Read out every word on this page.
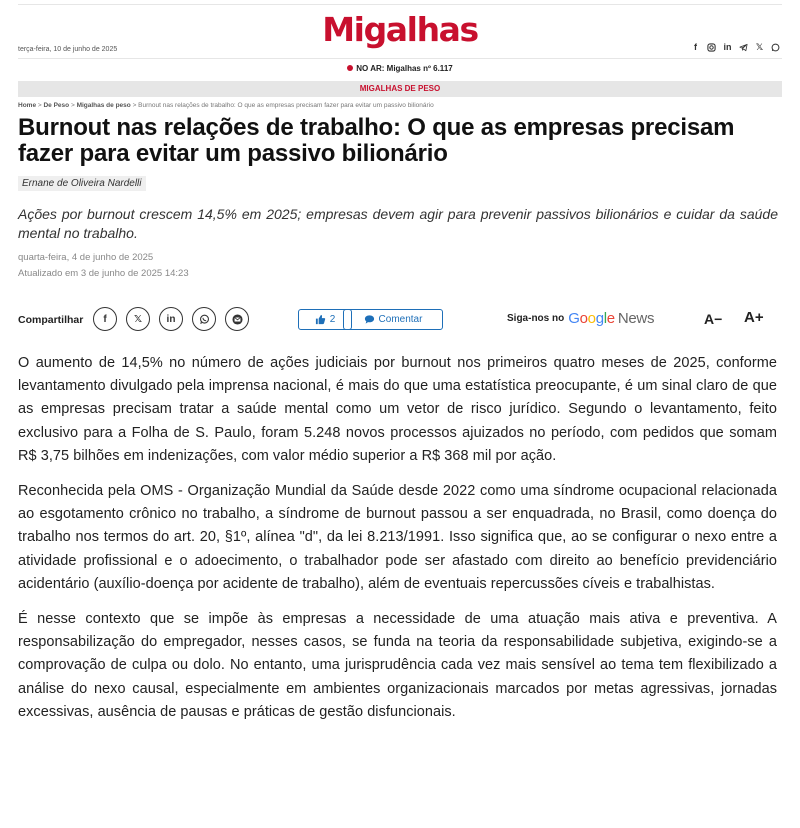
Migalhas
terça-feira, 10 de junho de 2025	f	in	𝕏
NO AR: Migalhas nº 6.117
MIGALHAS DE PESO
Home > De Peso > Migalhas de peso > Burnout nas relações de trabalho: O que as empresas precisam fazer para evitar um passivo bilionário
Burnout nas relações de trabalho: O que as empresas precisam fazer para evitar um passivo bilionário
Ernane de Oliveira Nardelli
Ações por burnout crescem 14,5% em 2025; empresas devem agir para prevenir passivos bilionários e cuidar da saúde mental no trabalho.
quarta-feira, 4 de junho de 2025
Atualizado em 3 de junho de 2025 14:23
Compartilhar f	𝕏 in	2	Comentar	Siga-nos no Google News	A− A+

O aumento de 14,5% no número de ações judiciais por burnout nos primeiros quatro meses de 2025, conforme levantamento divulgado pela imprensa nacional, é mais do que uma estatística preocupante, é um sinal claro de que as empresas precisam tratar a saúde mental como um vetor de risco jurídico. Segundo o levantamento, feito exclusivo para a Folha de S. Paulo, foram 5.248 novos processos ajuizados no período, com pedidos que somam R$ 3,75 bilhões em indenizações, com valor médio superior a R$ 368 mil por ação.

Reconhecida pela OMS - Organização Mundial da Saúde desde 2022 como uma síndrome ocupacional relacionada ao esgotamento crônico no trabalho, a síndrome de burnout passou a ser enquadrada, no Brasil, como doença do trabalho nos termos do art. 20, §1º, alínea "d", da lei 8.213/1991. Isso significa que, ao se configurar o nexo entre a atividade profissional e o adoecimento, o trabalhador pode ser afastado com direito ao benefício previdenciário acidentário (auxílio-doença por acidente de trabalho), além de eventuais repercussões cíveis e trabalhistas.

É nesse contexto que se impõe às empresas a necessidade de uma atuação mais ativa e preventiva. A responsabilização do empregador, nesses casos, se funda na teoria da responsabilidade subjetiva, exigindo-se a comprovação de culpa ou dolo. No entanto, uma jurisprudência cada vez mais sensível ao tema tem flexibilizado a análise do nexo causal, especialmente em ambientes organizacionais marcados por metas agressivas, jornadas excessivas, ausência de pausas e práticas de gestão disfuncionais.
